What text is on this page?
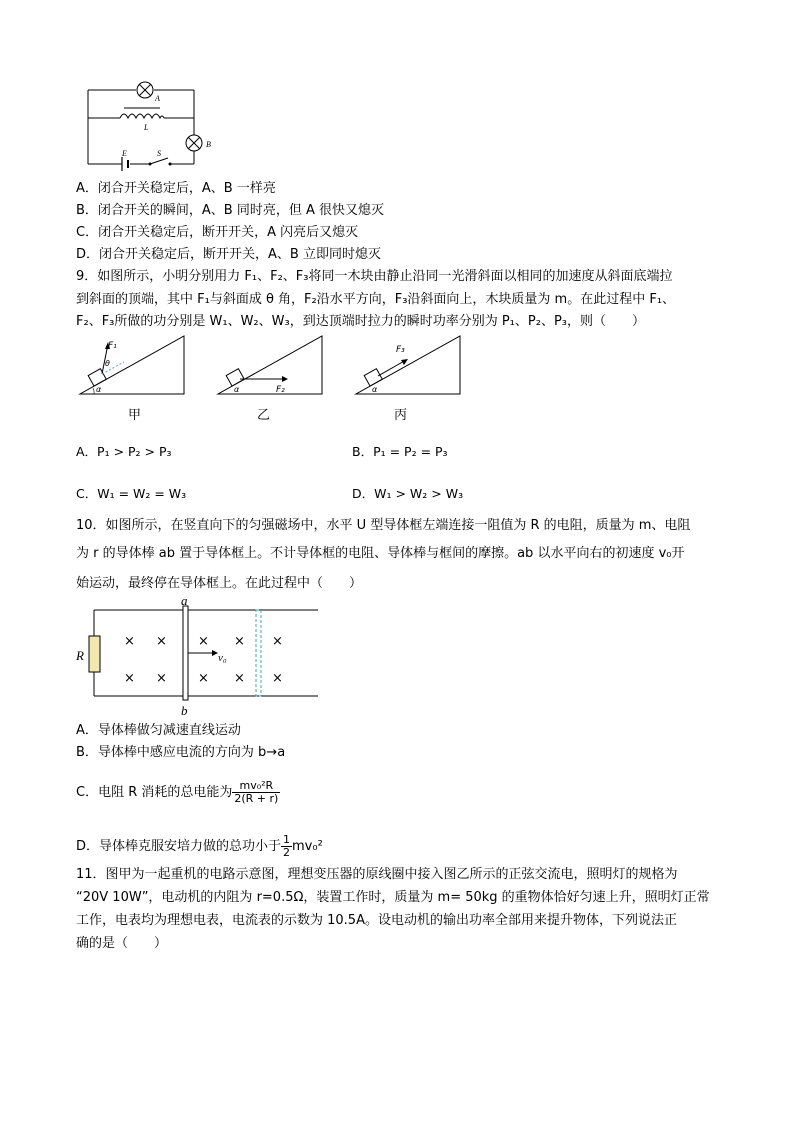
A
L
B
E	S
A．闭合开关稳定后，A、B 一样亮
B．闭合开关的瞬间，A、B 同时亮，但 A 很快又熄灭
C．闭合开关稳定后，断开开关，A 闪亮后又熄灭
D．闭合开关稳定后，断开开关，A、B 立即同时熄灭
9．如图所示，小明分别用力 F₁、F₂、F₃将同一木块由静止沿同一光滑斜面以相同的加速度从斜面底端拉
到斜面的顶端，其中 F₁与斜面成 θ 角，F₂沿水平方向，F₃沿斜面向上，木块质量为 m。在此过程中 F₁、
F₂、F₃所做的功分别是 W₁、W₂、W₃，到达顶端时拉力的瞬时功率分别为 P₁、P₂、P₃，则（　　）
F₁
θ
α
甲
F₂
α
乙
F₃
α
丙
A．P₁ > P₂ > P₃	B．P₁ = P₂ = P₃
C．W₁ = W₂ = W₃	D．W₁ > W₂ > W₃
10．如图所示，在竖直向下的匀强磁场中，水平 U 型导体框左端连接一阻值为 R 的电阻，质量为 m、电阻
为 r 的导体棒 ab 置于导体框上。不计导体框的电阻、导体棒与框间的摩擦。ab 以水平向右的初速度 v₀开
始运动，最终停在导体框上。在此过程中（　　）
R
a
b
v₀
× × × × ×
× × × × ×
A．导体棒做匀减速直线运动
B．导体棒中感应电流的方向为 b→a
C．电阻 R 消耗的总电能为 $\frac{\text{mv₀²R}}{2(R + r)}$
D．导体棒克服安培力做的总功小于 $\frac{1}{2} mv_0^2$
11．图甲为一起重机的电路示意图，理想变压器的原线圈中接入图乙所示的正弦交流电，照明灯的规格为
“20V 10W”，电动机的内阻为 r=0.5Ω，装置工作时，质量为 m= 50kg 的重物体恰好匀速上升，照明灯正常
工作，电表均为理想电表，电流表的示数为 10.5A。设电动机的输出功率全部用来提升物体，下列说法正
确的是（　　）
